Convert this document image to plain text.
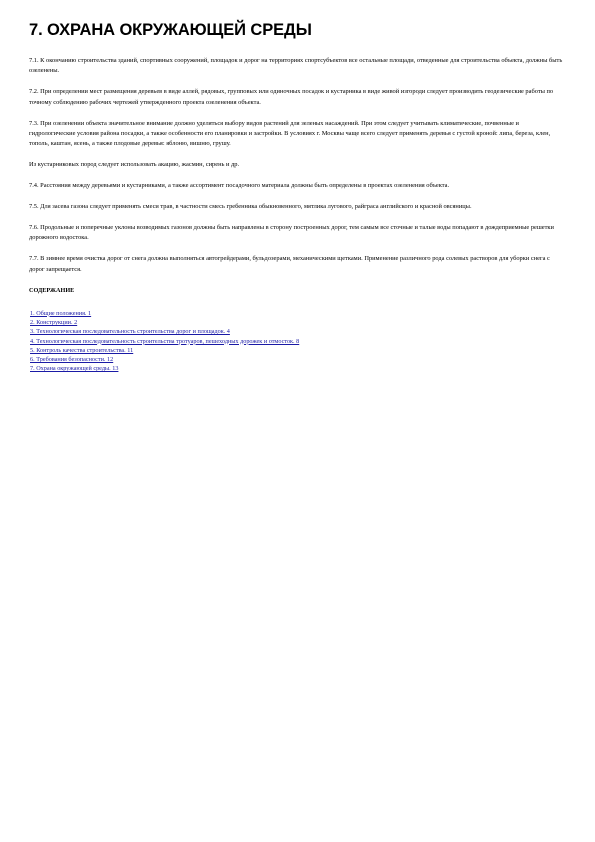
7. ОХРАНА ОКРУЖАЮЩЕЙ СРЕДЫ

7.1. К окончанию строительства зданий, спортивных сооружений, площадок и дорог на территориях спортсубъектов все остальные площади, отведенные для строительства объекта, должны быть озеленены.

7.2. При определении мест размещения деревьев в виде аллей, рядовых, групповых или одиночных посадок и кустарника в виде живой изгороди следует производить геодезические работы по точному соблюдению рабочих чертежей утвержденного проекта озеленения объекта.

7.3. При озеленении объекта значительное внимание должно уделяться выбору видов растений для зеленых насаждений. При этом следует учитывать климатические, почвенные и гидрологические условия района посадки, а также особенности его планировки и застройки. В условиях г. Москвы чаще всего следует применять деревья с густой кроной: липа, береза, клен, тополь, каштан, ясень, а также плодовые деревья: яблоню, вишню, грушу.

Из кустарниковых пород следует использовать акацию, жасмин, сирень и др.

7.4. Расстояния между деревьями и кустарниками, а также ассортимент посадочного материала должны быть определены в проектах озеленения объекта.

7.5. Для засева газона следует применять смеси трав, в частности смесь гребенника обыкновенного, мятлика лугового, райграса английского и красной овсяницы.

7.6. Продольные и поперечные уклоны возводимых газонов должны быть направлены в сторону построенных дорог, тем самым все сточные и талые воды попадают в дождеприемные решетки дорожного водостока.

7.7. В зимнее время очистка дорог от снега должна выполняться автогрейдерами, бульдозерами, механическими щетками. Применение различного рода солевых растворов для уборки снега с дорог запрещается.

СОДЕРЖАНИЕ
1. Общие положения. 1
2. Конструкции. 2
3. Технологическая последовательность строительства дорог и площадок. 4
4. Технологическая последовательность строительства тротуаров, пешеходных дорожек и отмосток. 8
5. Контроль качества строительства. 11
6. Требования безопасности. 12
7. Охрана окружающей среды. 13
